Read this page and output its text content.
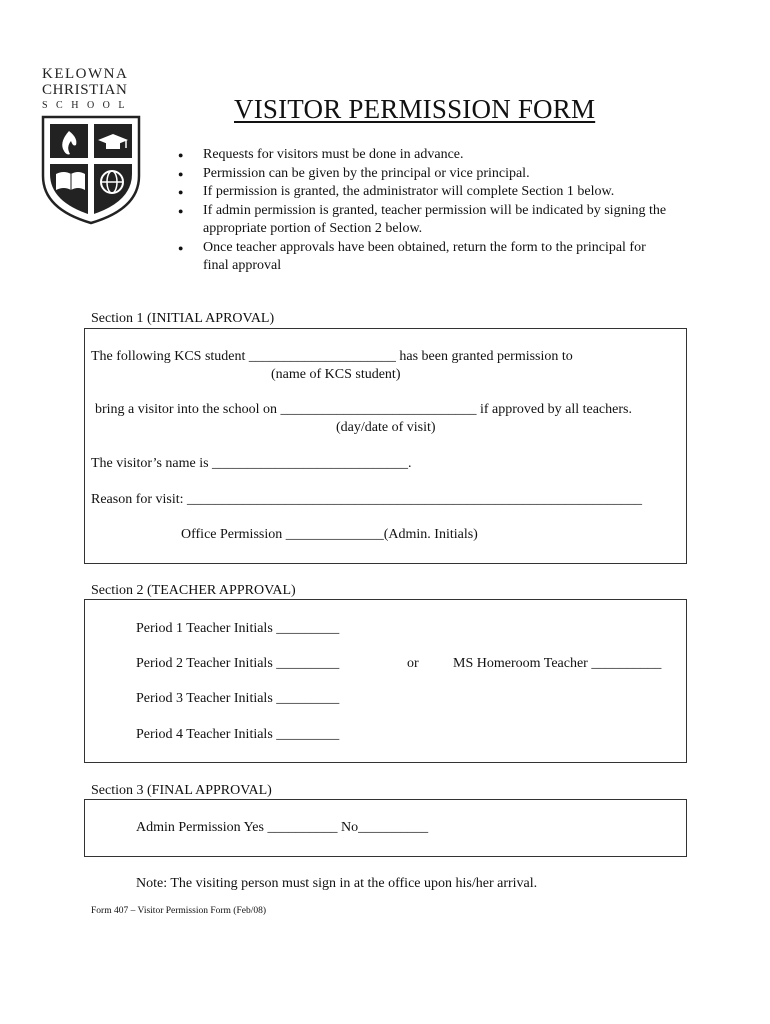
KELOWNA
CHRISTIAN
S C H O O L	VISITOR PERMISSION FORM
● Requests for visitors must be done in advance.
● Permission can be given by the principal or vice principal.
● If permission is granted, the administrator will complete Section 1 below.
● If admin permission is granted, teacher permission will be indicated by signing the appropriate portion of Section 2 below.
● Once teacher approvals have been obtained, return the form to the principal for final approval
Section 1 (INITIAL APROVAL)
The following KCS student _____________________ has been granted permission to
(name of KCS student)
bring a visitor into the school on ____________________________ if approved by all teachers.
(day/date of visit)
The visitor’s name is ____________________________.
Reason for visit: _________________________________________________________________
Office Permission ______________(Admin. Initials)
Section 2 (TEACHER APPROVAL)
Period 1 Teacher Initials _________
Period 2 Teacher Initials _________	or MS Homeroom Teacher __________
Period 3 Teacher Initials _________
Period 4 Teacher Initials _________
Section 3 (FINAL APPROVAL)
Admin Permission Yes __________ No__________
Note: The visiting person must sign in at the office upon his/her arrival.
Form 407 – Visitor Permission Form (Feb/08)
